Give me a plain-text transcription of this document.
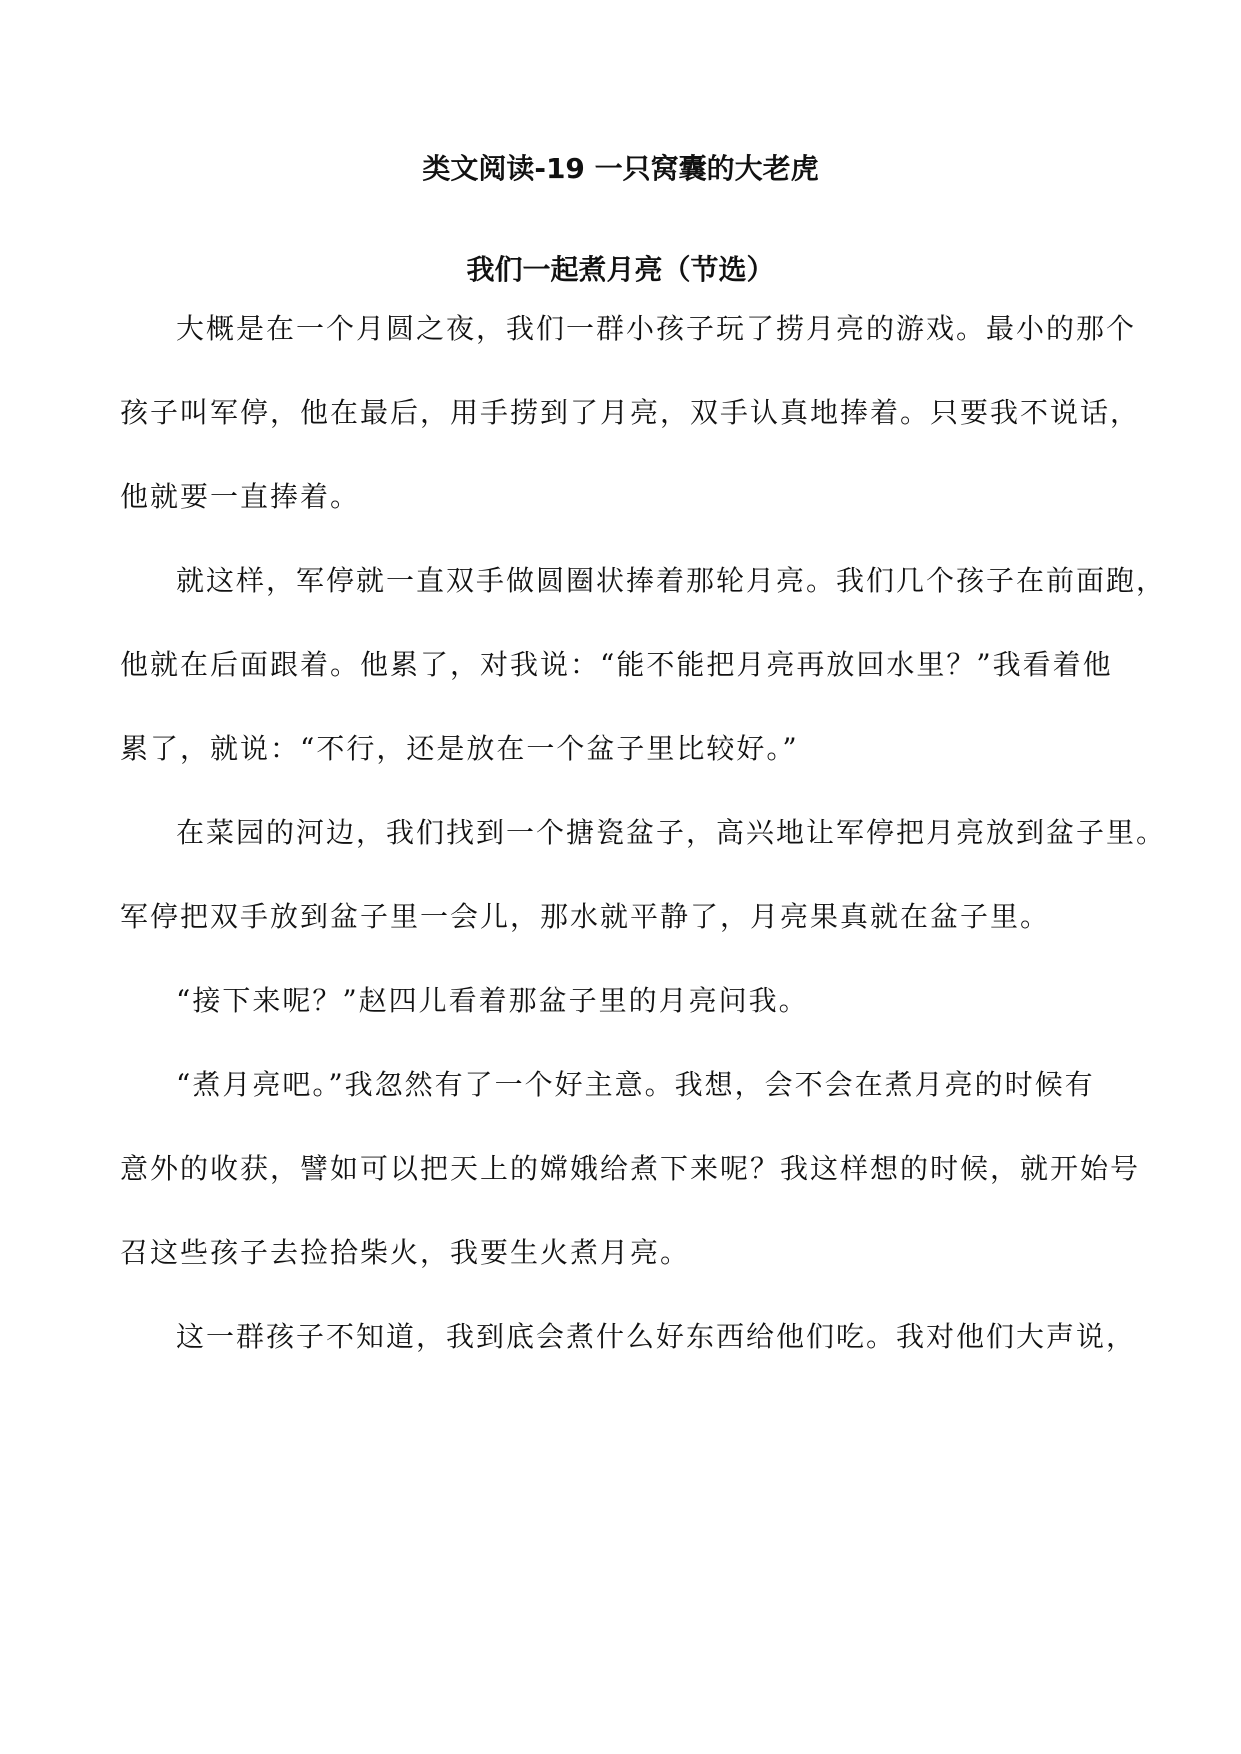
类文阅读-19 一只窝囊的大老虎
我们一起煮月亮（节选）
大概是在一个月圆之夜，我们一群小孩子玩了捞月亮的游戏。最小的那个
孩子叫军停，他在最后，用手捞到了月亮，双手认真地捧着。只要我不说话，
他就要一直捧着。
就这样，军停就一直双手做圆圈状捧着那轮月亮。我们几个孩子在前面跑，
他就在后面跟着。他累了，对我说：“能不能把月亮再放回水里？”我看着他
累了，就说：“不行，还是放在一个盆子里比较好。”
在菜园的河边，我们找到一个搪瓷盆子，高兴地让军停把月亮放到盆子里。
军停把双手放到盆子里一会儿，那水就平静了，月亮果真就在盆子里。
“接下来呢？”赵四儿看着那盆子里的月亮问我。
“煮月亮吧。”我忽然有了一个好主意。我想，会不会在煮月亮的时候有
意外的收获，譬如可以把天上的嫦娥给煮下来呢？我这样想的时候，就开始号
召这些孩子去捡拾柴火，我要生火煮月亮。
这一群孩子不知道，我到底会煮什么好东西给他们吃。我对他们大声说，
